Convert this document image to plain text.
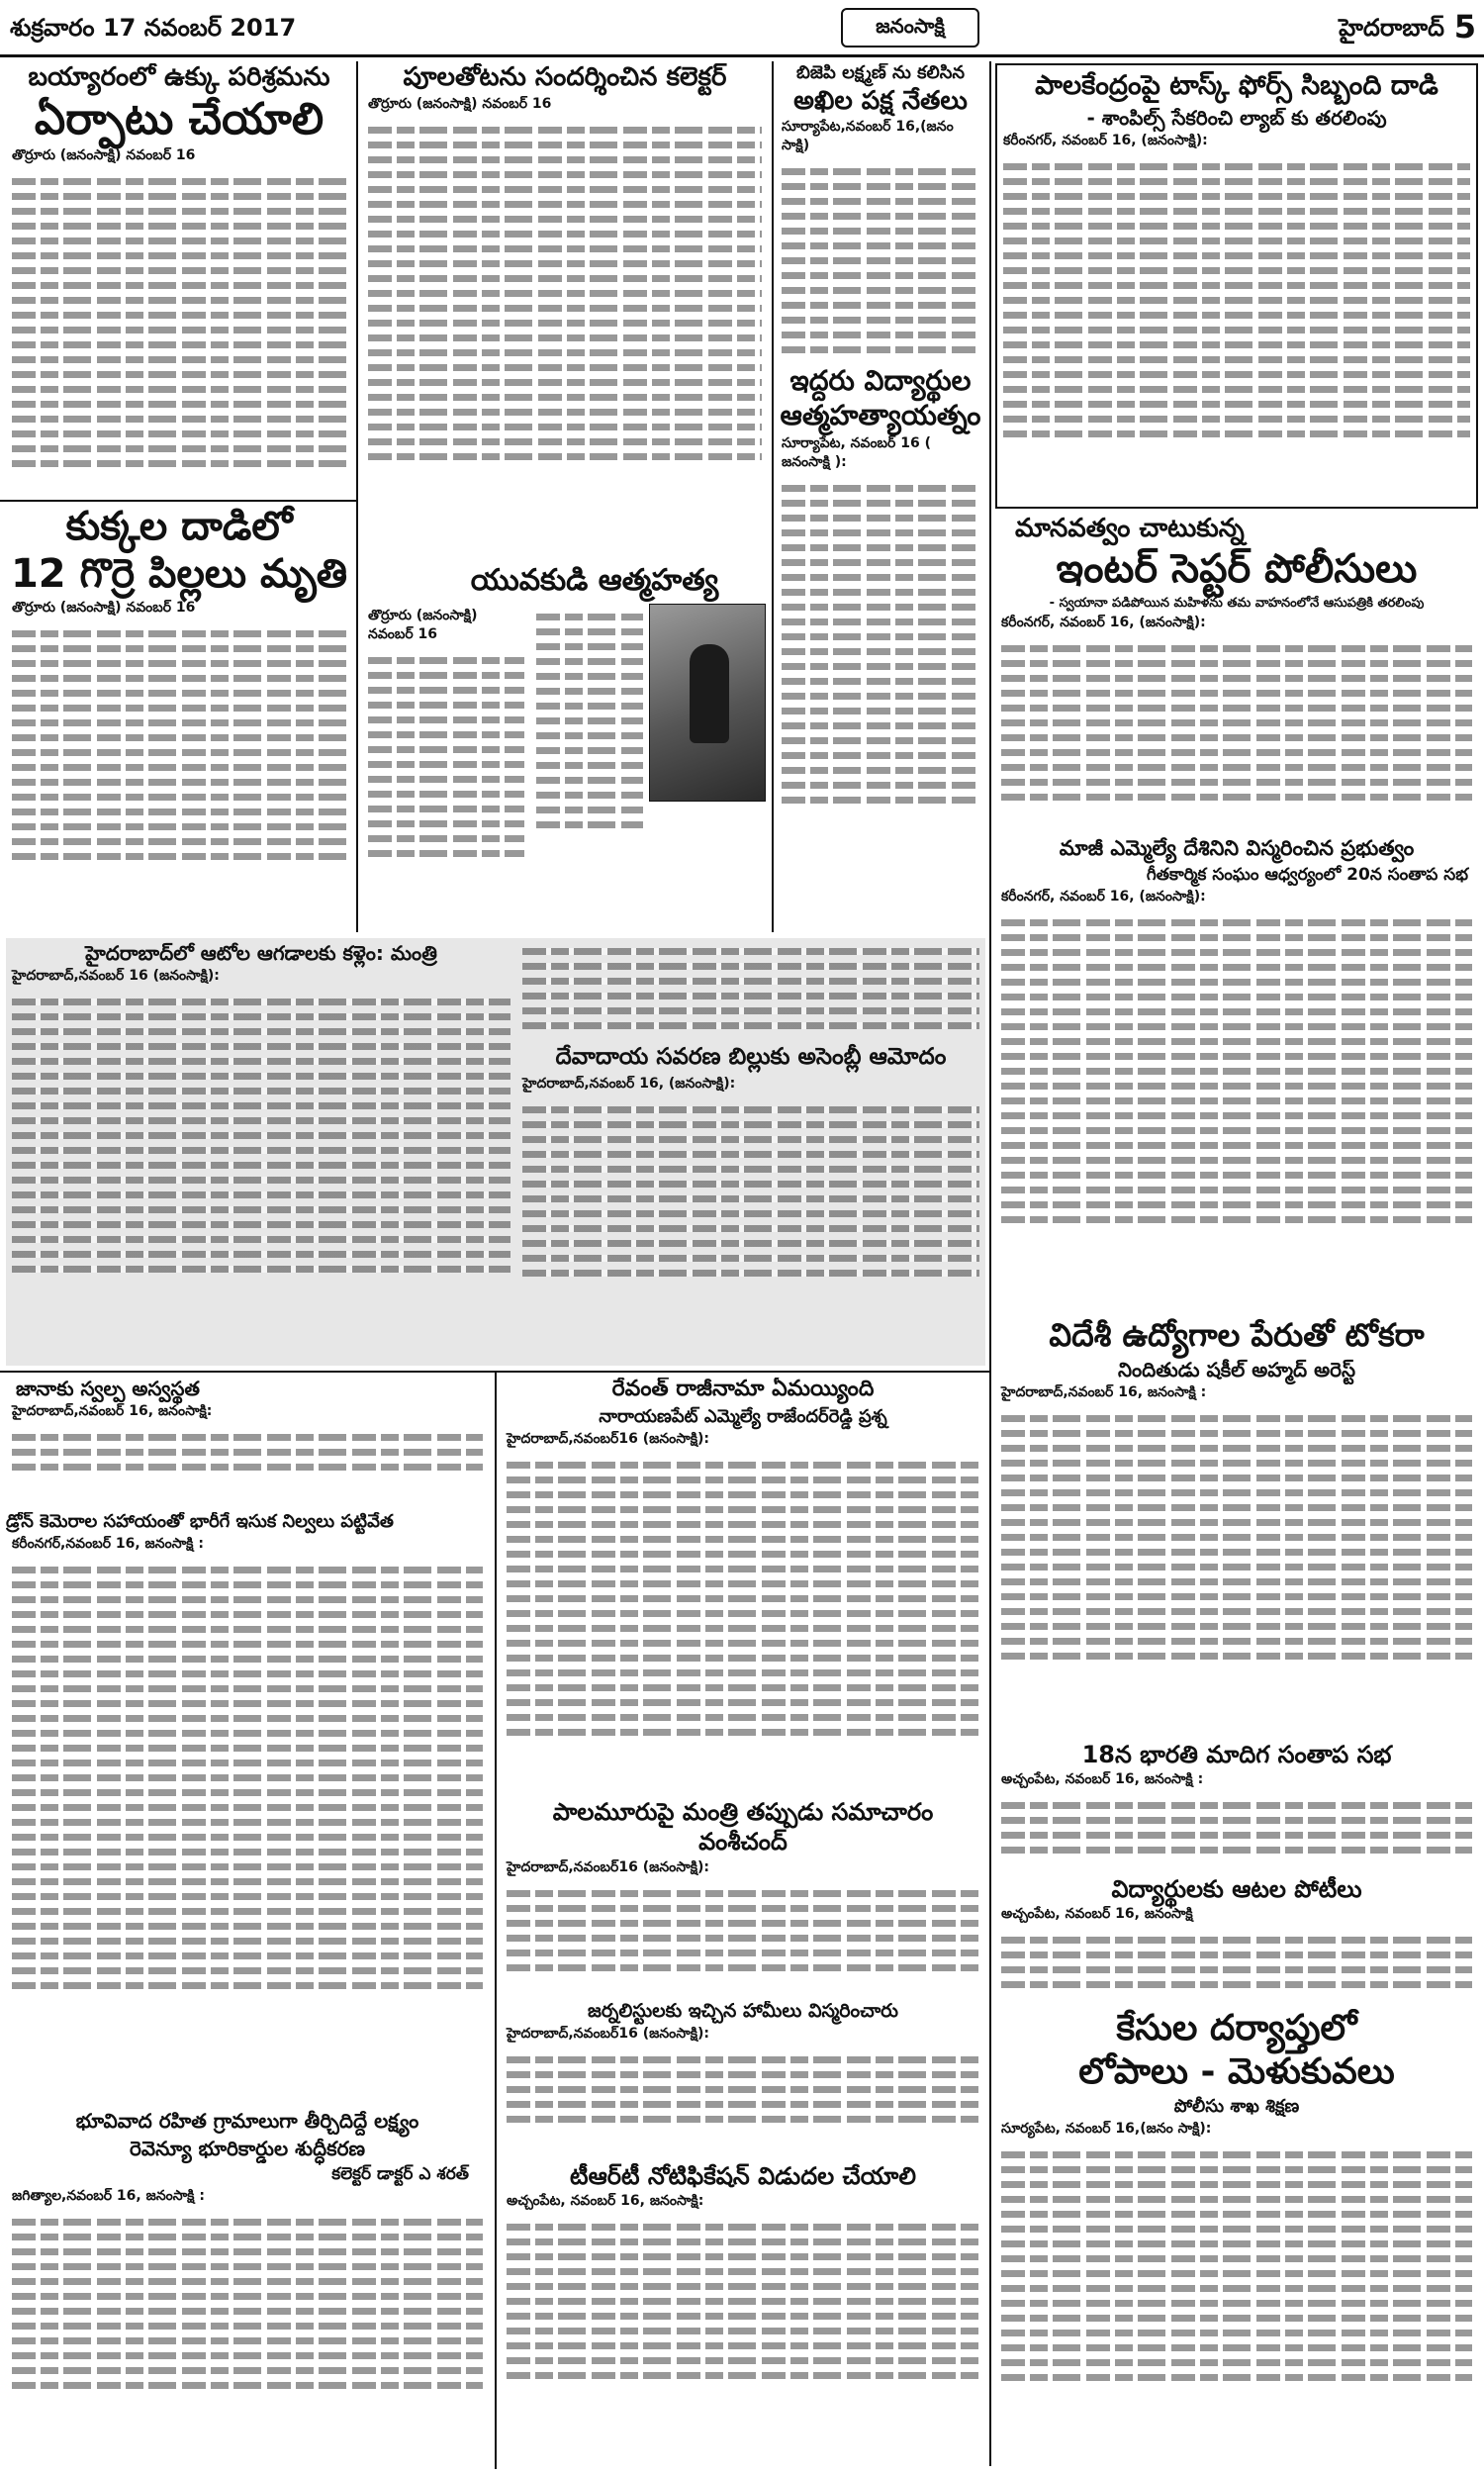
శుక్రవారం 17 నవంబర్ 2017	జనంసాక్షి	హైదరాబాద్ 5
బయ్యారంలో ఉక్కు పరిశ్రమను
ఏర్పాటు చేయాలి
తొర్రూరు (జనంసాక్షి) నవంబర్ 16
కుక్కల దాడిలో
12 గొర్రె పిల్లలు మృతి
తొర్రూరు (జనంసాక్షి) నవంబర్ 16
పూలతోటను సందర్శించిన కలెక్టర్
తొర్రూరు (జనంసాక్షి) నవంబర్ 16
యువకుడి ఆత్మహత్య
తొర్రూరు (జనంసాక్షి) నవంబర్ 16
బిజెపి లక్ష్మణ్ ను కలిసిన
అఖిల పక్ష నేతలు
సూర్యాపేట,నవంబర్ 16,(జనం సాక్షి)
ఇద్దరు విద్యార్థుల
ఆత్మహత్యాయత్నం
సూర్యాపేట, నవంబర్ 16 ( జనంసాక్షి ):
పాలకేంద్రంపై టాస్క్ ఫోర్స్ సిబ్బంది దాడి
- శాంపిల్స్ సేకరించి ల్యాబ్ కు తరలింపు
కరీంనగర్, నవంబర్ 16, (జనంసాక్షి):
మానవత్వం చాటుకున్న
ఇంటర్ సెప్టర్ పోలీసులు
- స్వయానా పడిపోయిన మహిళను తమ వాహనంలోనే ఆసుపత్రికి తరలింపు
కరీంనగర్, నవంబర్ 16, (జనంసాక్షి):
మాజీ ఎమ్మెల్యే దేశినిని విస్మరించిన ప్రభుత్వం
గీతకార్మిక సంఘం ఆధ్వర్యంలో 20న సంతాప సభ
కరీంనగర్, నవంబర్ 16, (జనంసాక్షి):
హైదరాబాద్‌లో ఆటోల ఆగడాలకు కళ్లెం: మంత్రి
హైదరాబాద్,నవంబర్ 16 (జనంసాక్షి):
దేవాదాయ సవరణ బిల్లుకు అసెంబ్లీ ఆమోదం
హైదరాబాద్,నవంబర్ 16, (జనంసాక్షి):
విదేశీ ఉద్యోగాల పేరుతో టోకరా
నిందితుడు షకీల్ అహ్మద్ అరెస్ట్
హైదరాబాద్,నవంబర్ 16, జనంసాక్షి :
జానాకు స్వల్ప అస్వస్థత
హైదరాబాద్,నవంబర్ 16, జనంసాక్షి:
డ్రోన్ కెమెరాల సహాయంతో భారీగే ఇసుక నిల్వలు పట్టివేత
కరీంనగర్,నవంబర్ 16, జనంసాక్షి :
భూవివాద రహిత గ్రామాలుగా తీర్చిదిద్దే లక్ష్యం
రెవెన్యూ భూరికార్డుల శుద్ధీకరణ
కలెక్టర్ డాక్టర్ ఎ శరత్
జగిత్యాల,నవంబర్ 16, జనంసాక్షి :
రేవంత్ రాజీనామా ఏమయ్యింది
నారాయణపేట్ ఎమ్మెల్యే రాజేందర్‌రెడ్డి ప్రశ్న
హైదరాబాద్,నవంబర్16 (జనంసాక్షి):
పాలమూరుపై మంత్రి తప్పుడు సమాచారం
వంశీచంద్
హైదరాబాద్,నవంబర్16 (జనంసాక్షి):
జర్నలిస్టులకు ఇచ్చిన హామీలు విస్మరించారు
హైదరాబాద్,నవంబర్16 (జనంసాక్షి):
టీఆర్‌టీ నోటిఫికేషన్ విడుదల చేయాలి
అచ్చంపేట, నవంబర్ 16, జనంసాక్షి:
18న భారతి మాదిగ సంతాప సభ
అచ్చంపేట, నవంబర్ 16, జనంసాక్షి :
విద్యార్థులకు ఆటల పోటీలు
అచ్చంపేట, నవంబర్ 16, జనంసాక్షి
కేసుల దర్యాప్తులో
లోపాలు - మెళుకువలు
పోలీసు శాఖ శిక్షణ
సూర్యపేట, నవంబర్ 16,(జనం సాక్షి):
